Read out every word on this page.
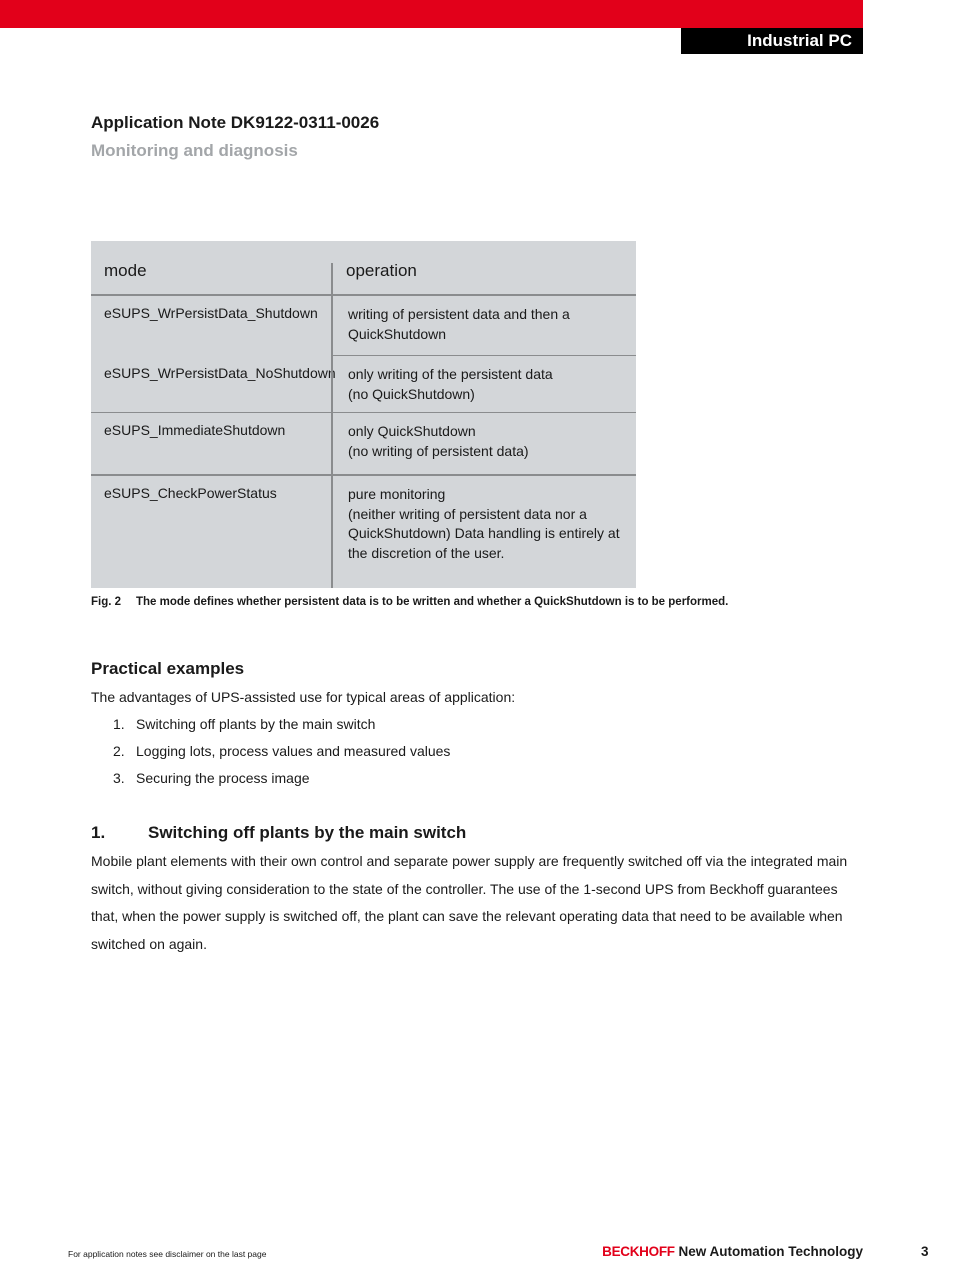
Industrial PC
Application Note DK9122-0311-0026
Monitoring and diagnosis
mode	operation
eSUPS_WrPersistData_Shutdown	writing of persistent data and then a
QuickShutdown
eSUPS_WrPersistData_NoShutdown only writing of the persistent data
(no QuickShutdown)
eSUPS_ImmediateShutdown	only QuickShutdown
(no writing of persistent data)
eSUPS_CheckPowerStatus	pure monitoring
(neither writing of persistent data nor a
QuickShutdown) Data handling is entirely at
the discretion of the user.
Fig. 2 The mode defines whether persistent data is to be written and whether a QuickShutdown is to be performed.
Practical examples
The advantages of UPS-assisted use for typical areas of application:
1. Switching off plants by the main switch
2. Logging lots, process values and measured values
3. Securing the process image
1.	Switching off plants by the main switch
Mobile plant elements with their own control and separate power supply are frequently switched off via the integrated main switch, without giving consideration to the state of the controller. The use of the 1-second UPS from Beckhoff guarantees that, when the power supply is switched off, the plant can save the relevant operating data that need to be available when switched on again.
For application notes see disclaimer on the last page	BECKHOFF New Automation Technology	3
